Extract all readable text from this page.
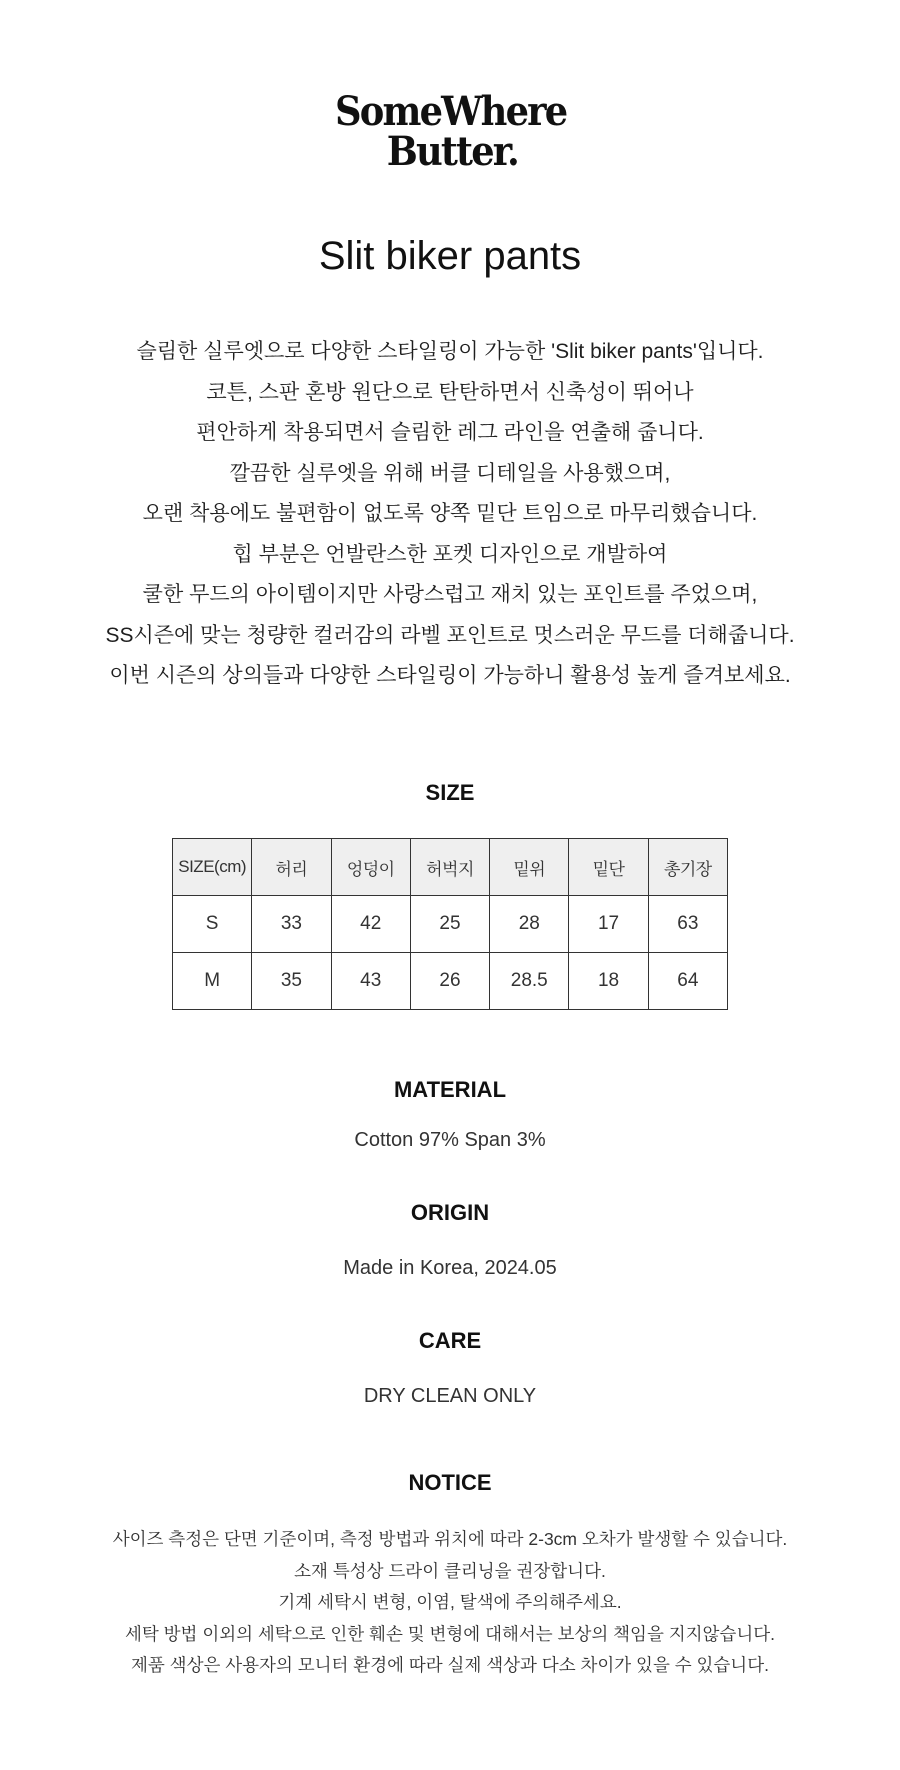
SomeWhere
Butter.
Slit biker pants
슬림한 실루엣으로 다양한 스타일링이 가능한 'Slit biker pants'입니다.
코튼, 스판 혼방 원단으로 탄탄하면서 신축성이 뛰어나
편안하게 착용되면서 슬림한 레그 라인을 연출해 줍니다.
깔끔한 실루엣을 위해 버클 디테일을 사용했으며,
오랜 착용에도 불편함이 없도록 양쪽 밑단 트임으로 마무리했습니다.
힙 부분은 언발란스한 포켓 디자인으로 개발하여
쿨한 무드의 아이템이지만 사랑스럽고 재치 있는 포인트를 주었으며,
SS시즌에 맞는 청량한 컬러감의 라벨 포인트로 멋스러운 무드를 더해줍니다.
이번 시즌의 상의들과 다양한 스타일링이 가능하니 활용성 높게 즐겨보세요.
SIZE
SIZE(cm)	허리	엉덩이	허벅지	밑위	밑단	총기장
S	33	42	25	28	17	63
M	35	43	26	28.5	18	64
MATERIAL
Cotton 97% Span 3%
ORIGIN
Made in Korea, 2024.05
CARE
DRY CLEAN ONLY
NOTICE
사이즈 측정은 단면 기준이며, 측정 방법과 위치에 따라 2-3cm 오차가 발생할 수 있습니다.
소재 특성상 드라이 클리닝을 권장합니다.
기계 세탁시 변형, 이염, 탈색에 주의해주세요.
세탁 방법 이외의 세탁으로 인한 훼손 및 변형에 대해서는 보상의 책임을 지지않습니다.
제품 색상은 사용자의 모니터 환경에 따라 실제 색상과 다소 차이가 있을 수 있습니다.
